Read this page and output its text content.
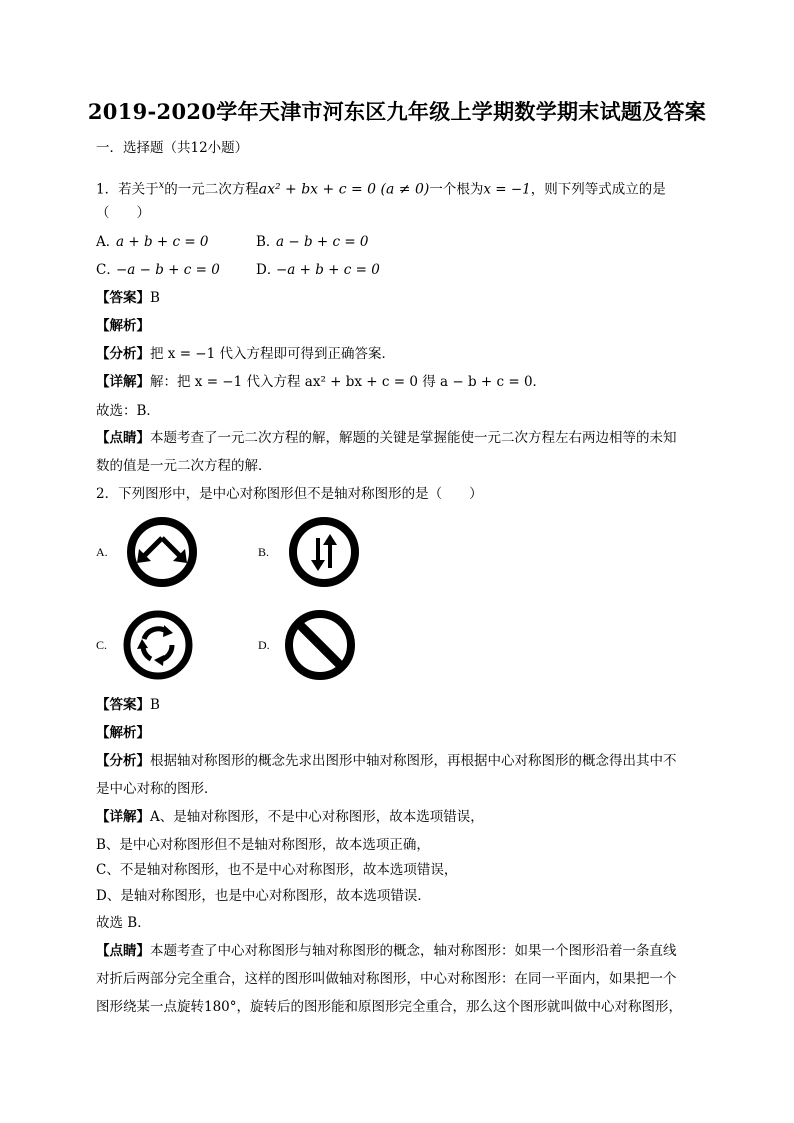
2019-2020学年天津市河东区九年级上学期数学期末试题及答案
一．选择题（共12小题）
1．若关于$^x$的一元二次方程ax² + bx + c = 0 (a ≠ 0)一个根为x = −1，则下列等式成立的是
（　　）
A．a + b + c = 0	B．a − b + c = 0
C．−a − b + c = 0	D．−a + b + c = 0
【答案】B
【解析】
【分析】把 x = −1 代入方程即可得到正确答案．
【详解】解：把 x = −1 代入方程 ax² + bx + c = 0 得 a − b + c = 0．
故选：B．
【点睛】本题考查了一元二次方程的解，解题的关键是掌握能使一元二次方程左右两边相等的未知
数的值是一元二次方程的解．
2．下列图形中，是中心对称图形但不是轴对称图形的是（　　）
A.	B.
C.	D.
【答案】B
【解析】
【分析】根据轴对称图形的概念先求出图形中轴对称图形，再根据中心对称图形的概念得出其中不
是中心对称的图形．
【详解】A、是轴对称图形，不是中心对称图形，故本选项错误，
B、是中心对称图形但不是轴对称图形，故本选项正确，
C、不是轴对称图形，也不是中心对称图形，故本选项错误，
D、是轴对称图形，也是中心对称图形，故本选项错误．
故选 B．
【点睛】本题考查了中心对称图形与轴对称图形的概念，轴对称图形：如果一个图形沿着一条直线
对折后两部分完全重合，这样的图形叫做轴对称图形，中心对称图形：在同一平面内，如果把一个
图形绕某一点旋转180°，旋转后的图形能和原图形完全重合，那么这个图形就叫做中心对称图形，
